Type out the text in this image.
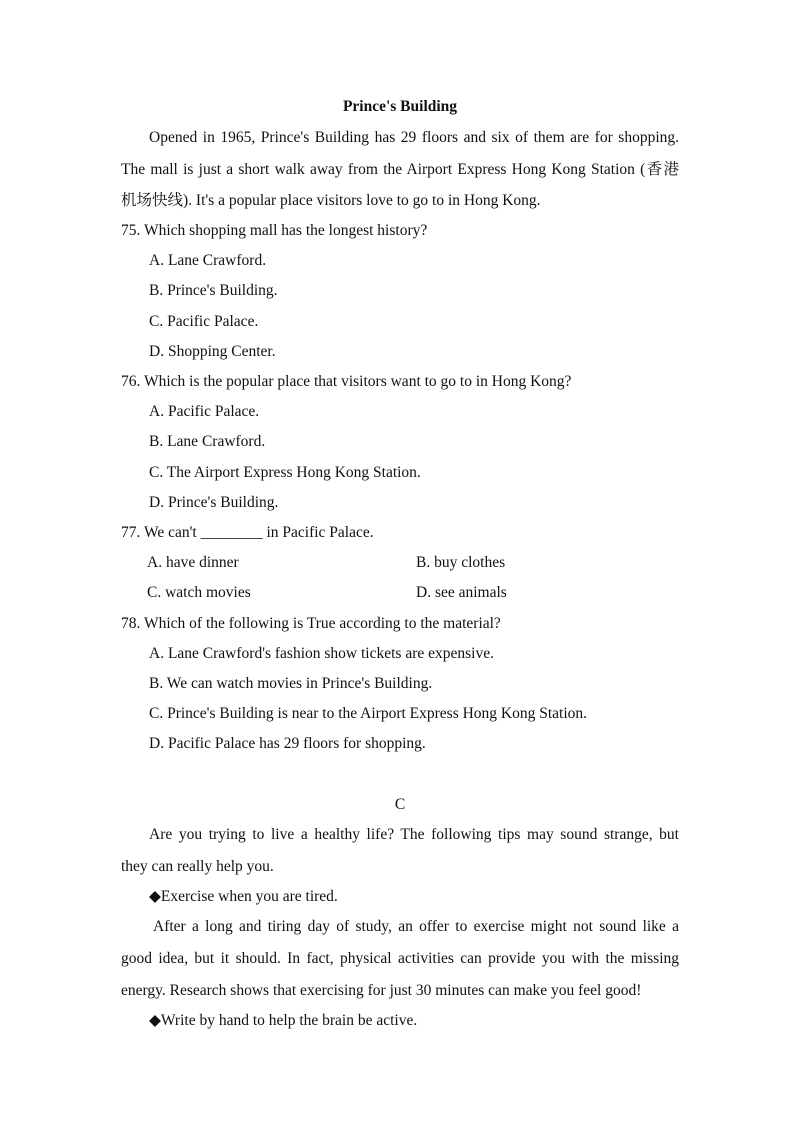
Prince's Building
Opened in 1965, Prince's Building has 29 floors and six of them are for shopping.
The mall is just a short walk away from the Airport Express Hong Kong Station (香港
机场快线). It's a popular place visitors love to go to in Hong Kong.
75. Which shopping mall has the longest history?
A. Lane Crawford.
B. Prince's Building.
C. Pacific Palace.
D. Shopping Center.
76. Which is the popular place that visitors want to go to in Hong Kong?
A. Pacific Palace.
B. Lane Crawford.
C. The Airport Express Hong Kong Station.
D. Prince's Building.
77. We can't ________ in Pacific Palace.
A. have dinner	B. buy clothes
C. watch movies	D. see animals
78. Which of the following is True according to the material?
A. Lane Crawford's fashion show tickets are expensive.
B. We can watch movies in Prince's Building.
C. Prince's Building is near to the Airport Express Hong Kong Station.
D. Pacific Palace has 29 floors for shopping.
C
Are you trying to live a healthy life? The following tips may sound strange, but
they can really help you.
◆Exercise when you are tired.
After a long and tiring day of study, an offer to exercise might not sound like a
good idea, but it should. In fact, physical activities can provide you with the missing
energy. Research shows that exercising for just 30 minutes can make you feel good!
◆Write by hand to help the brain be active.
